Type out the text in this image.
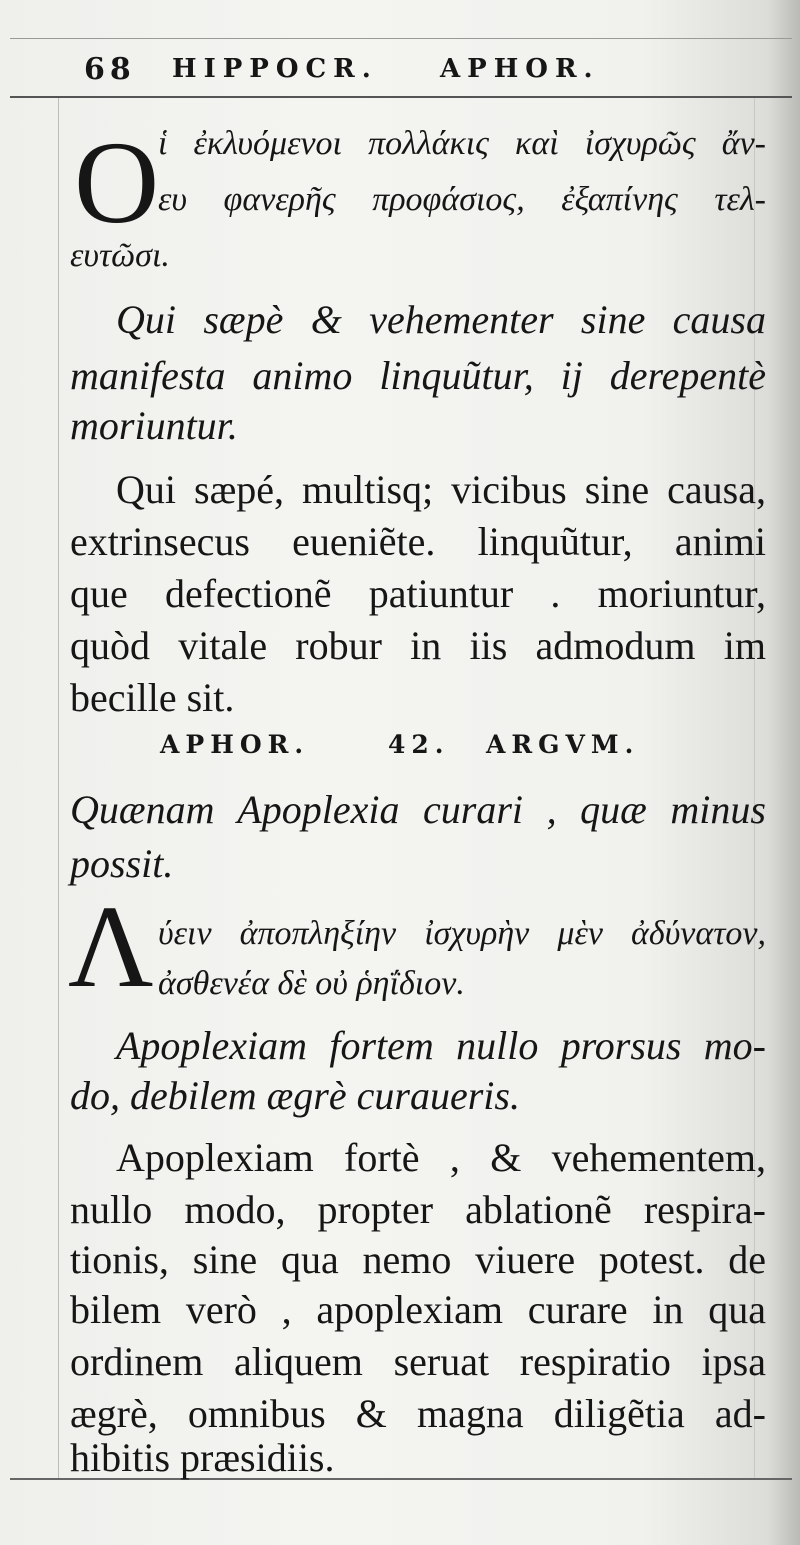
68 HIPPOCR. APHOR.
O
ἱ ἐκλυόμενοι πολλάκις καὶ ἰσχυρῶς ἄν-
ευ φανερῆς προφάσιος, ἐξαπίνης τελ-
ευτῶσι.
Qui sæpè & vehementer sine causa
manifesta animo linquũtur, ij derepentè
moriuntur.
Qui sæpé, multisq; vicibus sine causa,
extrinsecus eueniẽte. linquũtur, animi
que defectionẽ patiuntur . moriuntur,
quòd vitale robur in iis admodum im
becille sit.
APHOR.	42. ARGVM.
Quænam Apoplexia curari , quæ minus
possit.
Λ ύειν ἀποπληξίην ἰσχυρὴν μὲν ἀδύνατον,
ἀσθενέα δὲ οὐ ῥηΐδιον.
Apoplexiam fortem nullo prorsus mo-
do, debilem ægrè curaueris.
Apoplexiam fortè , & vehementem,
nullo modo, propter ablationẽ respira-
tionis, sine qua nemo viuere potest. de
bilem verò , apoplexiam curare in qua
ordinem aliquem seruat respiratio ipsa
ægrè, omnibus & magna diligẽtia ad-
hibitis præsidiis.
